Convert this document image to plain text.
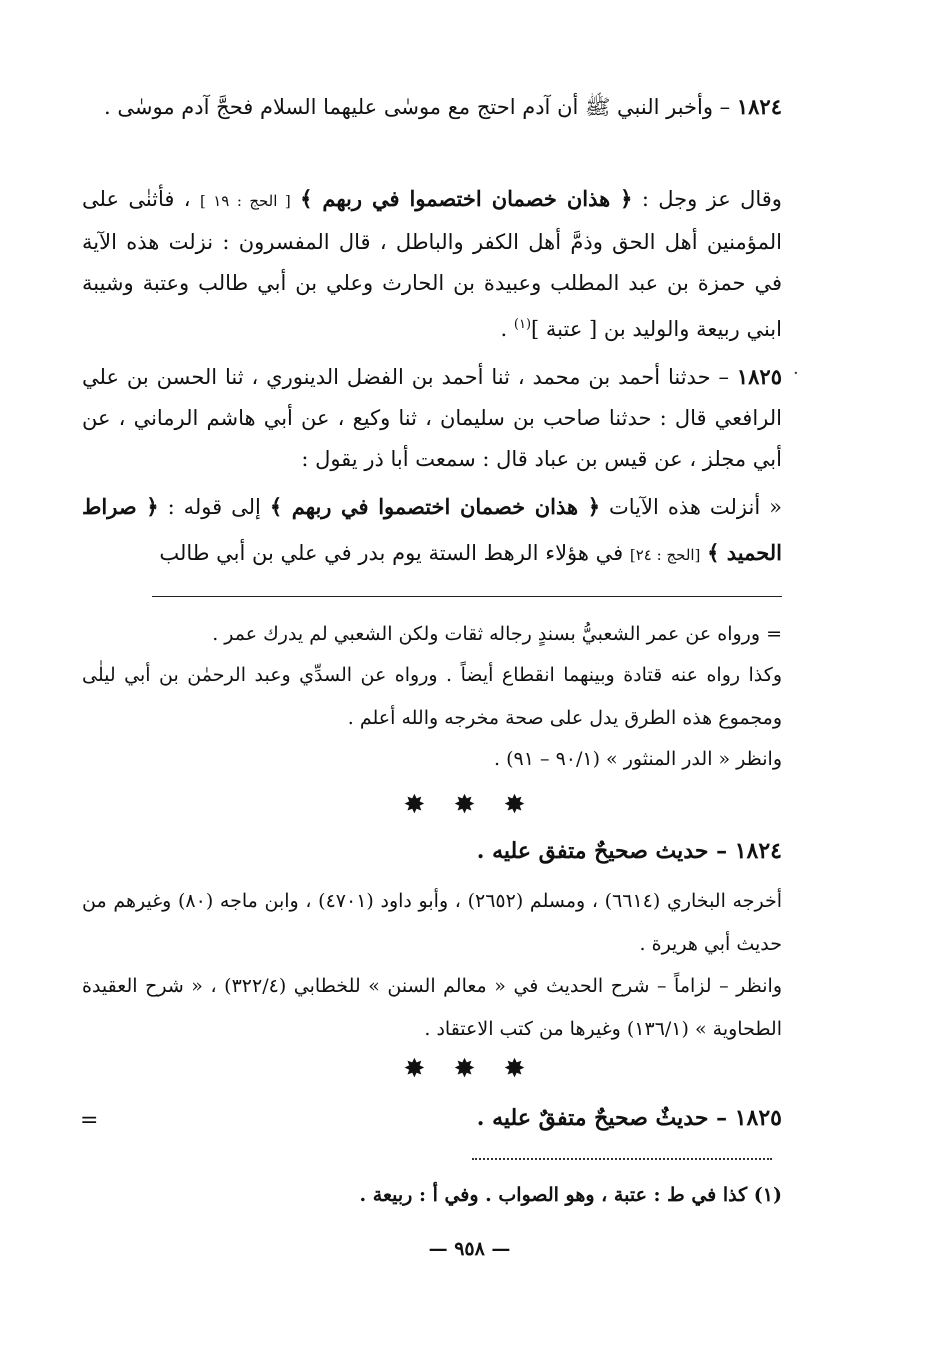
١٨٢٤ – وأخبر النبي ﷺ أن آدم احتج مع موسٰى عليهما السلام فحجَّ آدم موسٰى .

وقال عز وجل : ﴿ هذان خصمان اختصموا في ربهم ﴾ [ الحج : ١٩ ] ، فأثنٰى على المؤمنين أهل الحق وذمَّ أهل الكفر والباطل ، قال المفسرون : نزلت هذه الآية في حمزة بن عبد المطلب وعبيدة بن الحارث وعلي بن أبي طالب وعتبة وشيبة ابني ربيعة والوليد بن [ عتبة ]$^{(١)}$ .

·

١٨٢٥ – حدثنا أحمد بن محمد ، ثنا أحمد بن الفضل الدينوري ، ثنا الحسن بن علي الرافعي قال : حدثنا صاحب بن سليمان ، ثنا وكيع ، عن أبي هاشم الرماني ، عن أبي مجلز ، عن قيس بن عباد قال : سمعت أبا ذر يقول :

« أنزلت هذه الآيات ﴿ هذان خصمان اختصموا في ربهم ﴾ إلى قوله : ﴿ صراط الحميد ﴾ [الحج : ٢٤] في هؤلاء الرهط الستة يوم بدر في علي بن أبي طالب

= ورواه عن عمر الشعبيُّ بسندٍ رجاله ثقات ولكن الشعبي لم يدرك عمر .

وكذا رواه عنه قتادة وبينهما انقطاع أيضاً . ورواه عن السدِّي وعبد الرحمٰن بن أبي ليلٰى ومجموع هذه الطرق يدل على صحة مخرجه والله أعلم .

وانظر « الدر المنثور » (٩٠/١ – ٩١) .

✸ ✸ ✸

١٨٢٤ – حديث صحيحٌ متفق عليه .

أخرجه البخاري (٦٦١٤) ، ومسلم (٢٦٥٢) ، وأبو داود (٤٧٠١) ، وابن ماجه (٨٠) وغيرهم من حديث أبي هريرة .

وانظر – لزاماً – شرح الحديث في « معالم السنن » للخطابي (٣٢٢/٤) ، « شرح العقيدة الطحاوية » (١٣٦/١) وغيرها من كتب الاعتقاد .

✸ ✸ ✸

١٨٢٥ – حديثٌ صحيحٌ متفقٌ عليه .

=

(١) كذا في ط : عتبة ، وهو الصواب . وفي أ : ربيعة .

— ٩٥٨ —
